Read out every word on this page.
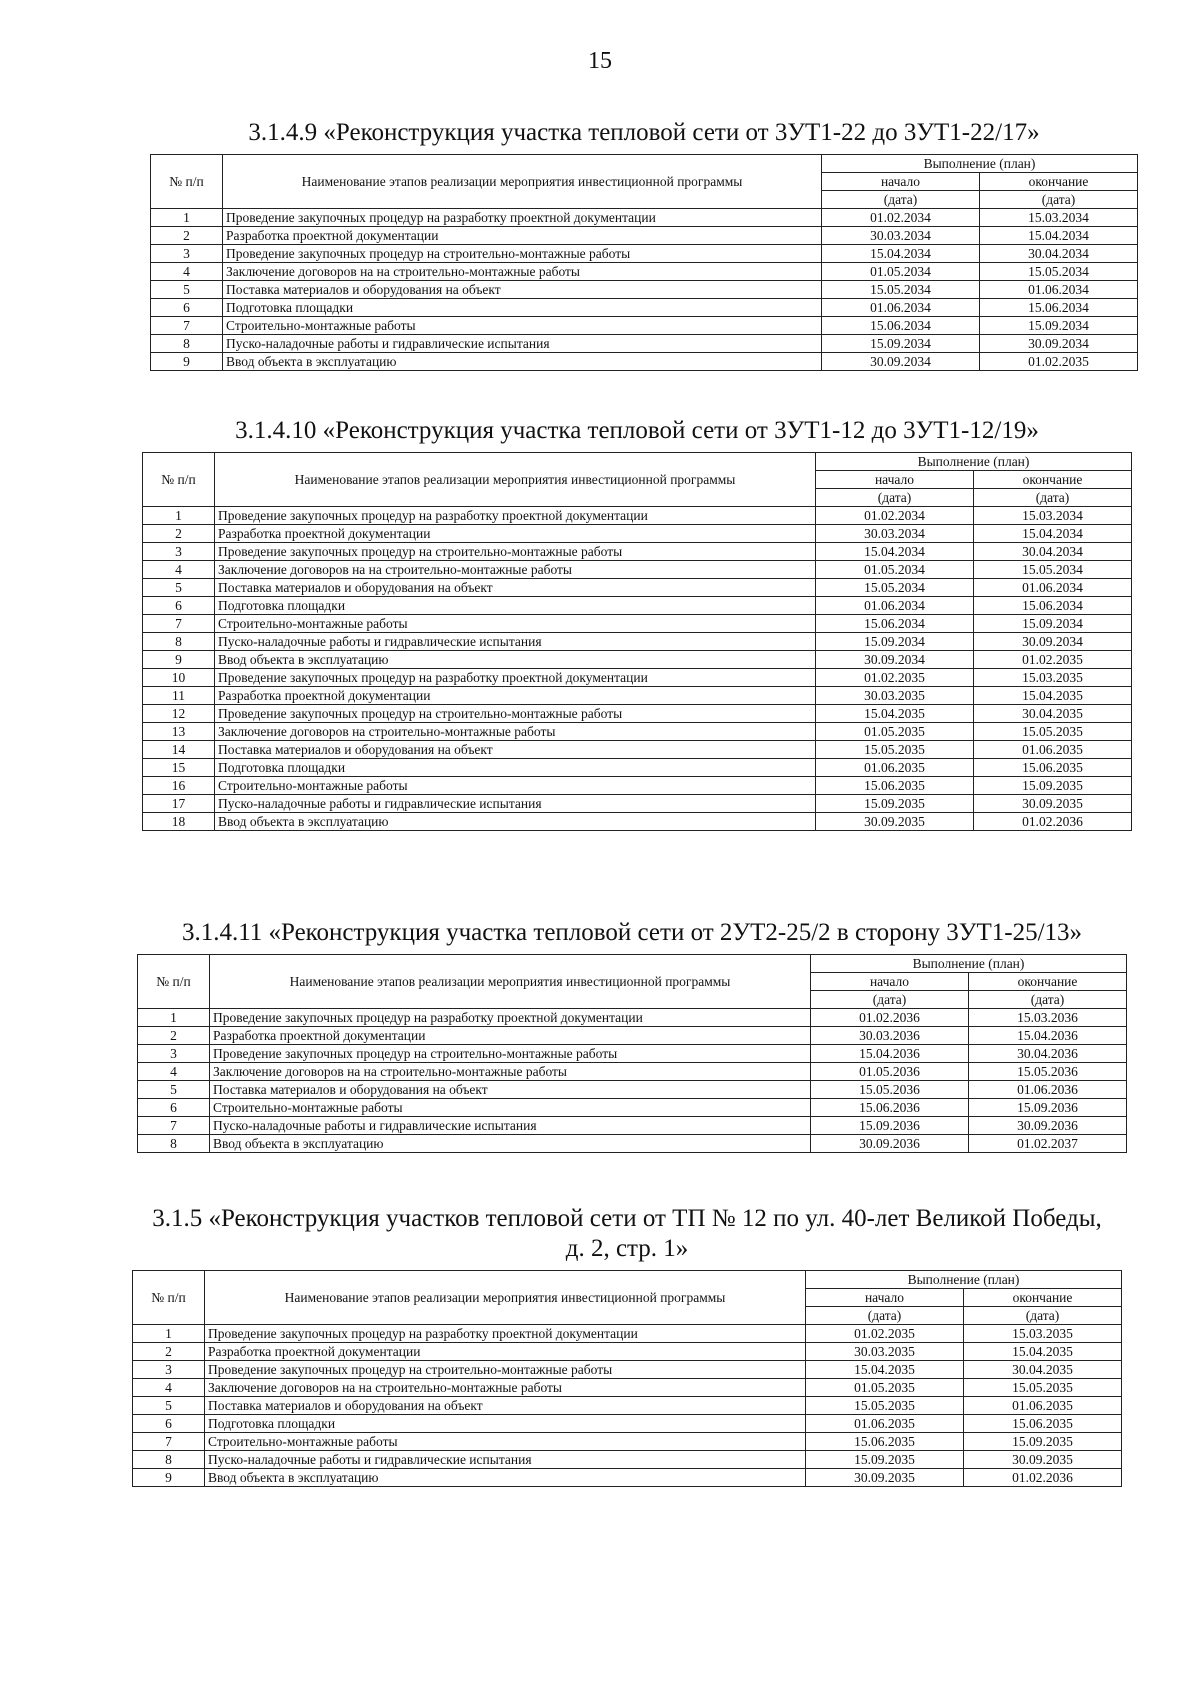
15
3.1.4.9 «Реконструкция участка тепловой сети от 3УТ1-22 до 3УТ1-22/17»
№ п/п	Наименование этапов реализации мероприятия инвестиционной программы	Выполнение (план)	
		начало	окончание
		(дата)	(дата)
1	Проведение закупочных процедур на разработку проектной документации	01.02.2034	15.03.2034
2	Разработка проектной документации	30.03.2034	15.04.2034
3	Проведение закупочных процедур на строительно-монтажные работы	15.04.2034	30.04.2034
4	Заключение договоров на на строительно-монтажные работы	01.05.2034	15.05.2034
5	Поставка материалов и оборудования на объект	15.05.2034	01.06.2034
6	Подготовка площадки	01.06.2034	15.06.2034
7	Строительно-монтажные работы	15.06.2034	15.09.2034
8	Пуско-наладочные работы и гидравлические испытания	15.09.2034	30.09.2034
9	Ввод объекта в эксплуатацию	30.09.2034	01.02.2035
3.1.4.10 «Реконструкция участка тепловой сети от 3УТ1-12 до 3УТ1-12/19»
№ п/п	Наименование этапов реализации мероприятия инвестиционной программы	Выполнение (план)	
		начало	окончание
		(дата)	(дата)
1	Проведение закупочных процедур на разработку проектной документации	01.02.2034	15.03.2034
2	Разработка проектной документации	30.03.2034	15.04.2034
3	Проведение закупочных процедур на строительно-монтажные работы	15.04.2034	30.04.2034
4	Заключение договоров на на строительно-монтажные работы	01.05.2034	15.05.2034
5	Поставка материалов и оборудования на объект	15.05.2034	01.06.2034
6	Подготовка площадки	01.06.2034	15.06.2034
7	Строительно-монтажные работы	15.06.2034	15.09.2034
8	Пуско-наладочные работы и гидравлические испытания	15.09.2034	30.09.2034
9	Ввод объекта в эксплуатацию	30.09.2034	01.02.2035
10	Проведение закупочных процедур на разработку проектной документации	01.02.2035	15.03.2035
11	Разработка проектной документации	30.03.2035	15.04.2035
12	Проведение закупочных процедур на строительно-монтажные работы	15.04.2035	30.04.2035
13	Заключение договоров на строительно-монтажные работы	01.05.2035	15.05.2035
14	Поставка материалов и оборудования на объект	15.05.2035	01.06.2035
15	Подготовка площадки	01.06.2035	15.06.2035
16	Строительно-монтажные работы	15.06.2035	15.09.2035
17	Пуско-наладочные работы и гидравлические испытания	15.09.2035	30.09.2035
18	Ввод объекта в эксплуатацию	30.09.2035	01.02.2036
3.1.4.11 «Реконструкция участка тепловой сети от 2УТ2-25/2 в сторону 3УТ1-25/13»
№ п/п	Наименование этапов реализации мероприятия инвестиционной программы	Выполнение (план)	
		начало	окончание
		(дата)	(дата)
1	Проведение закупочных процедур на разработку проектной документации	01.02.2036	15.03.2036
2	Разработка проектной документации	30.03.2036	15.04.2036
3	Проведение закупочных процедур на строительно-монтажные работы	15.04.2036	30.04.2036
4	Заключение договоров на на строительно-монтажные работы	01.05.2036	15.05.2036
5	Поставка материалов и оборудования на объект	15.05.2036	01.06.2036
6	Строительно-монтажные работы	15.06.2036	15.09.2036
7	Пуско-наладочные работы и гидравлические испытания	15.09.2036	30.09.2036
8	Ввод объекта в эксплуатацию	30.09.2036	01.02.2037
3.1.5 «Реконструкция участков тепловой сети от ТП № 12 по ул. 40-лет Великой Победы,
д. 2, стр. 1»
№ п/п	Наименование этапов реализации мероприятия инвестиционной программы	Выполнение (план)	
		начало	окончание
		(дата)	(дата)
1	Проведение закупочных процедур на разработку проектной документации	01.02.2035	15.03.2035
2	Разработка проектной документации	30.03.2035	15.04.2035
3	Проведение закупочных процедур на строительно-монтажные работы	15.04.2035	30.04.2035
4	Заключение договоров на на строительно-монтажные работы	01.05.2035	15.05.2035
5	Поставка материалов и оборудования на объект	15.05.2035	01.06.2035
6	Подготовка площадки	01.06.2035	15.06.2035
7	Строительно-монтажные работы	15.06.2035	15.09.2035
8	Пуско-наладочные работы и гидравлические испытания	15.09.2035	30.09.2035
9	Ввод объекта в эксплуатацию	30.09.2035	01.02.2036
